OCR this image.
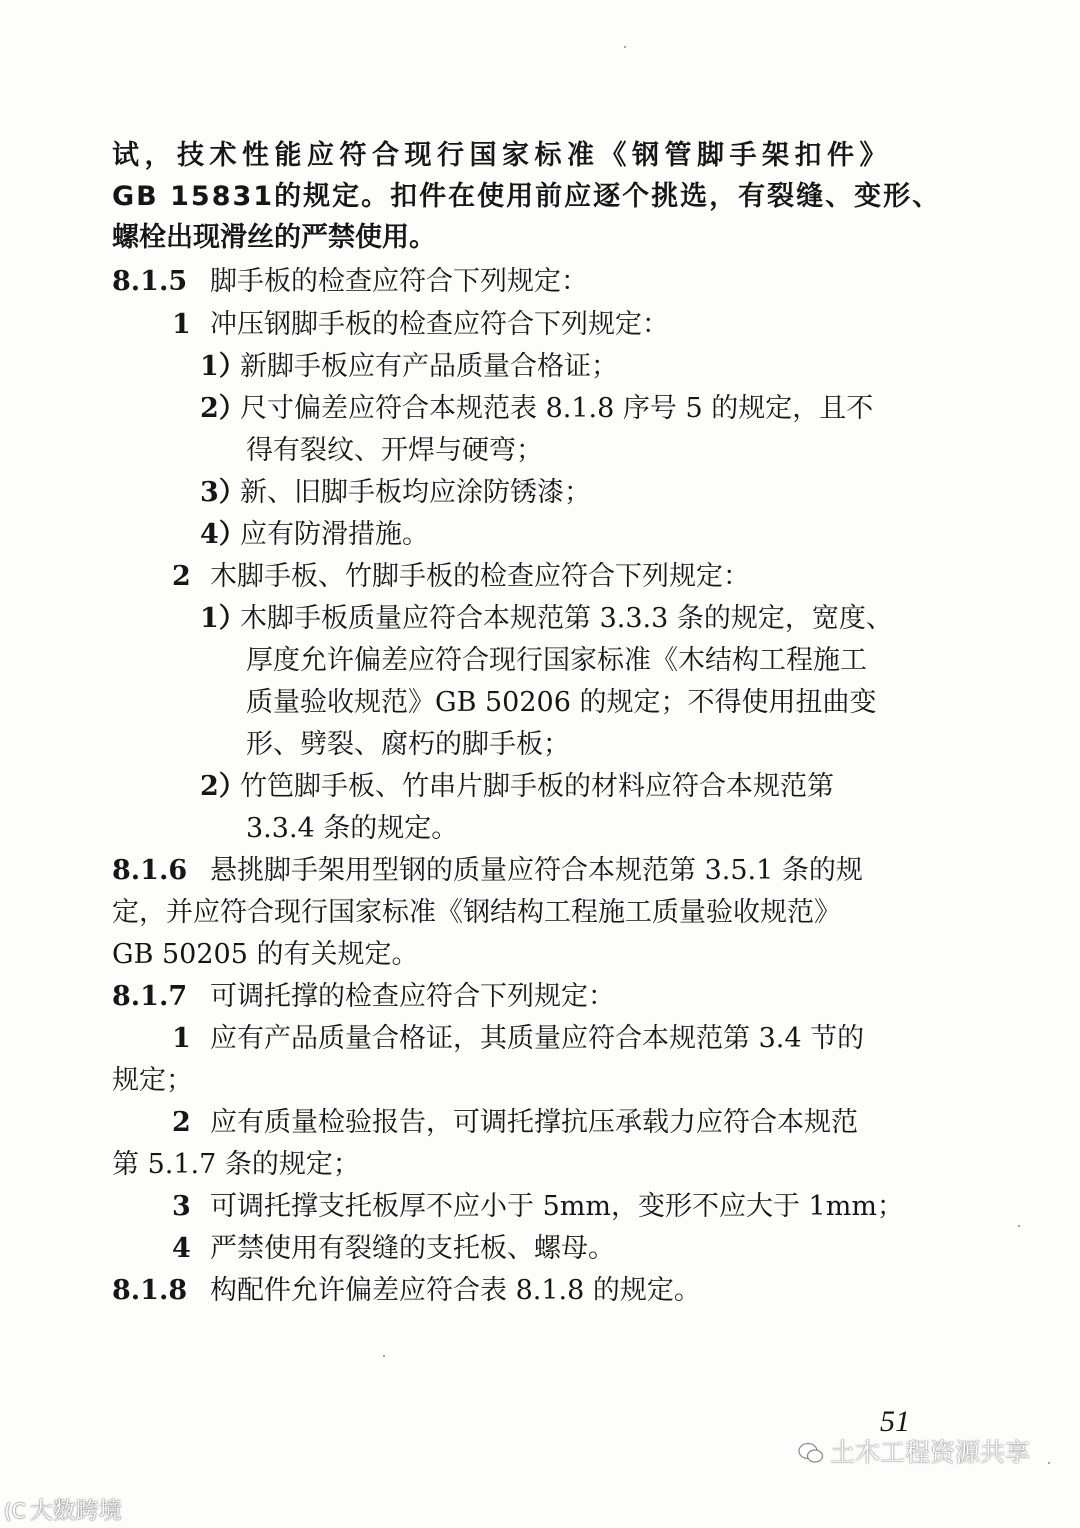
试，技术性能应符合现行国家标准《钢管脚手架扣件》
GB 15831的规定。扣件在使用前应逐个挑选，有裂缝、变形、
螺栓出现滑丝的严禁使用。
8.1.5 脚手板的检查应符合下列规定：
1 冲压钢脚手板的检查应符合下列规定：
1）新脚手板应有产品质量合格证；
2）尺寸偏差应符合本规范表 8.1.8 序号 5 的规定，且不
得有裂纹、开焊与硬弯；
3）新、旧脚手板均应涂防锈漆；
4）应有防滑措施。
2 木脚手板、竹脚手板的检查应符合下列规定：
1）木脚手板质量应符合本规范第 3.3.3 条的规定，宽度、
厚度允许偏差应符合现行国家标准《木结构工程施工
质量验收规范》GB 50206 的规定；不得使用扭曲变
形、劈裂、腐朽的脚手板；
2）竹笆脚手板、竹串片脚手板的材料应符合本规范第
3.3.4 条的规定。
8.1.6 悬挑脚手架用型钢的质量应符合本规范第 3.5.1 条的规
定，并应符合现行国家标准《钢结构工程施工质量验收规范》
GB 50205 的有关规定。
8.1.7 可调托撑的检查应符合下列规定：
1 应有产品质量合格证，其质量应符合本规范第 3.4 节的
规定；
2 应有质量检验报告，可调托撑抗压承载力应符合本规范
第 5.1.7 条的规定；
3 可调托撑支托板厚不应小于 5mm，变形不应大于 1mm；
4 严禁使用有裂缝的支托板、螺母。
8.1.8 构配件允许偏差应符合表 8.1.8 的规定。
51
土木工程资源共享
(C 大数跨境
